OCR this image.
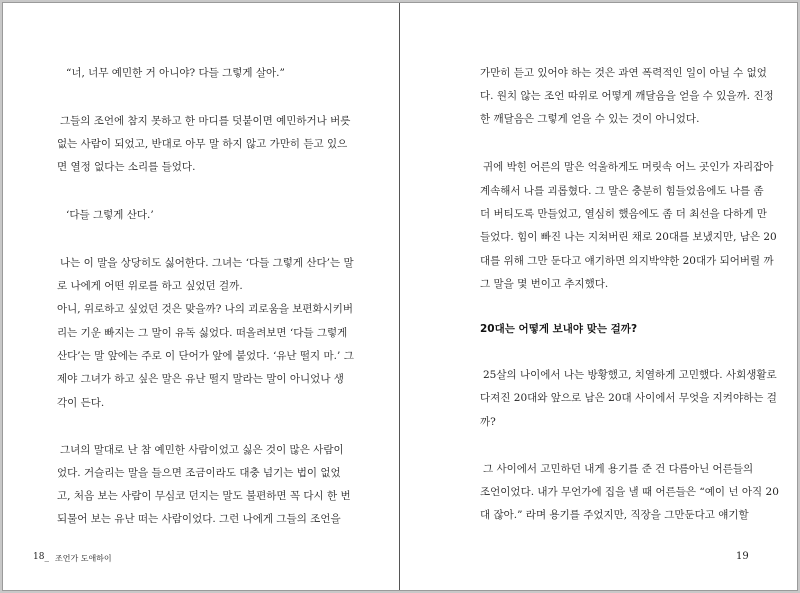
“너, 너무 예민한 거 아니야? 다들 그렇게 살아.”
그들의 조언에 참지 못하고 한 마디를 덧붙이면 예민하거나 버릇
없는 사람이 되었고, 반대로 아무 말 하지 않고 가만히 듣고 있으
면 열정 없다는 소리를 들었다.
‘다들 그렇게 산다.’
나는 이 말을 상당히도 싫어한다. 그녀는 ‘다들 그렇게 산다’는 말
로 나에게 어떤 위로를 하고 싶었던 걸까.
아니, 위로하고 싶었던 것은 맞을까? 나의 괴로움을 보편화시키버
리는 기운 빠지는 그 말이 유독 싫었다. 떠올려보면 ‘다들 그렇게
산다’는 말 앞에는 주로 이 단어가 앞에 붙었다. ‘유난 떨지 마.’ 그
제야 그녀가 하고 싶은 말은 유난 떨지 말라는 말이 아니었나 생
각이 든다.
그녀의 말대로 난 참 예민한 사람이었고 싫은 것이 많은 사람이
었다. 거슬리는 말을 들으면 조금이라도 대충 넘기는 법이 없었
고, 처음 보는 사람이 무심코 던지는 말도 불편하면 꼭 다시 한 번
되물어 보는 유난 떠는 사람이었다. 그런 나에게 그들의 조언을
18_ 조언가 도애하이
가만히 듣고 있어야 하는 것은 과연 폭력적인 일이 아닐 수 없었
다. 원치 않는 조언 따위로 어떻게 깨달음을 얻을 수 있을까. 진정
한 깨달음은 그렇게 얻을 수 있는 것이 아니었다.
귀에 박힌 어른의 말은 억울하게도 머릿속 어느 곳인가 자리잡아
계속해서 나를 괴롭혔다. 그 말은 충분히 힘들었음에도 나를 좀
더 버티도록 만들었고, 열심히 했음에도 좀 더 최선을 다하게 만
들었다. 힘이 빠진 나는 지쳐버린 채로 20대를 보냈지만, 남은 20
대를 위해 그만 둔다고 얘기하면 의지박약한 20대가 되어버릴 까
그 말을 몇 번이고 추지했다.
20대는 어떻게 보내야 맞는 걸까?
25살의 나이에서 나는 방황했고, 치열하게 고민했다. 사회생활로
다져진 20대와 앞으로 남은 20대 사이에서 무엇을 지켜야하는 걸
까?
그 사이에서 고민하던 내게 용기를 준 건 다름아닌 어른들의
조언이었다. 내가 무언가에 집을 낼 때 어른들은 “예이 넌 아직 20
대 잖아.” 라며 용기를 주었지만, 직장을 그만둔다고 얘기할
19
